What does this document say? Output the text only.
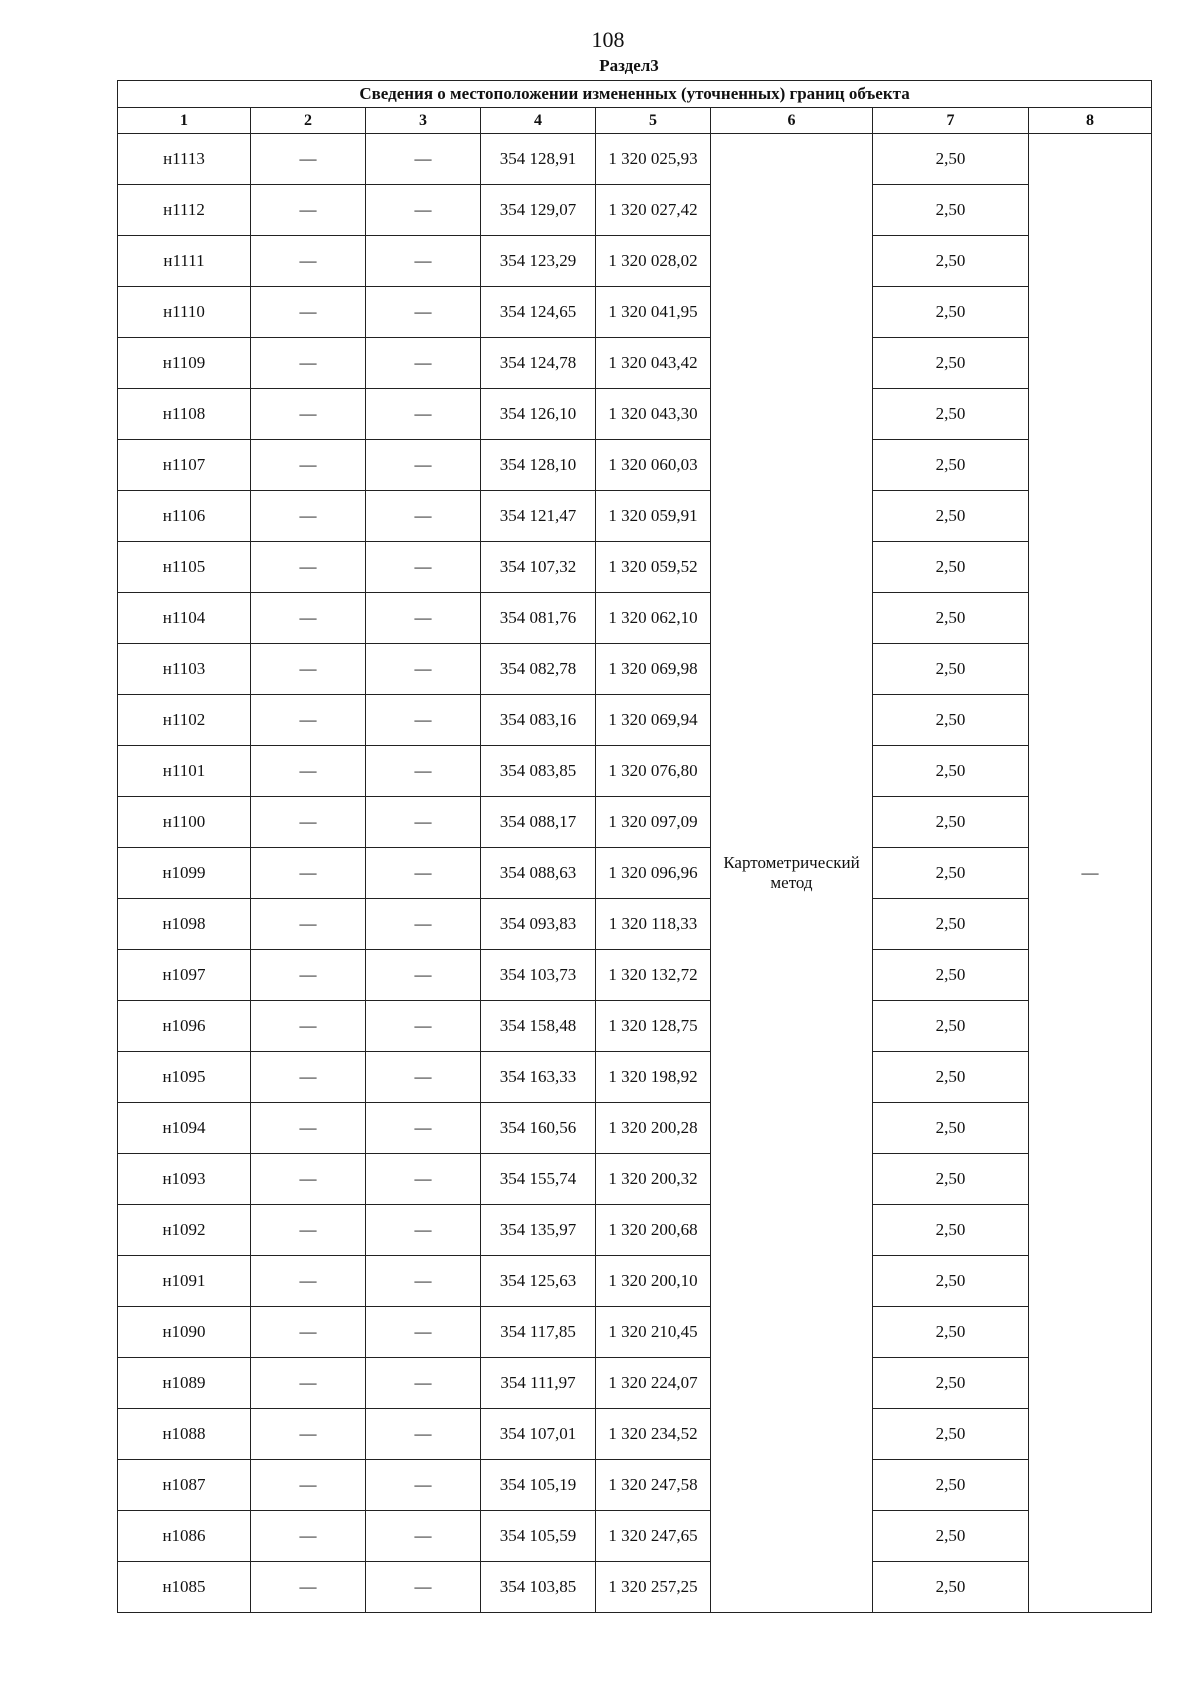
108
Раздел3
Сведения о местоположении измененных (уточненных) границ объекта							
1	2	3	4	5	6	7	8
н1113	—	—	354 128,91	1 320 025,93	Картометрический метод	2,50	—
н1112	—	—	354 129,07	1 320 027,42		2,50	
н1111	—	—	354 123,29	1 320 028,02		2,50	
н1110	—	—	354 124,65	1 320 041,95		2,50	
н1109	—	—	354 124,78	1 320 043,42		2,50	
н1108	—	—	354 126,10	1 320 043,30		2,50	
н1107	—	—	354 128,10	1 320 060,03		2,50	
н1106	—	—	354 121,47	1 320 059,91		2,50	
н1105	—	—	354 107,32	1 320 059,52		2,50	
н1104	—	—	354 081,76	1 320 062,10		2,50	
н1103	—	—	354 082,78	1 320 069,98		2,50	
н1102	—	—	354 083,16	1 320 069,94		2,50	
н1101	—	—	354 083,85	1 320 076,80		2,50	
н1100	—	—	354 088,17	1 320 097,09		2,50	
н1099	—	—	354 088,63	1 320 096,96		2,50	
н1098	—	—	354 093,83	1 320 118,33		2,50	
н1097	—	—	354 103,73	1 320 132,72		2,50	
н1096	—	—	354 158,48	1 320 128,75		2,50	
н1095	—	—	354 163,33	1 320 198,92		2,50	
н1094	—	—	354 160,56	1 320 200,28		2,50	
н1093	—	—	354 155,74	1 320 200,32		2,50	
н1092	—	—	354 135,97	1 320 200,68		2,50	
н1091	—	—	354 125,63	1 320 200,10		2,50	
н1090	—	—	354 117,85	1 320 210,45		2,50	
н1089	—	—	354 111,97	1 320 224,07		2,50	
н1088	—	—	354 107,01	1 320 234,52		2,50	
н1087	—	—	354 105,19	1 320 247,58		2,50	
н1086	—	—	354 105,59	1 320 247,65		2,50	
н1085	—	—	354 103,85	1 320 257,25		2,50	
